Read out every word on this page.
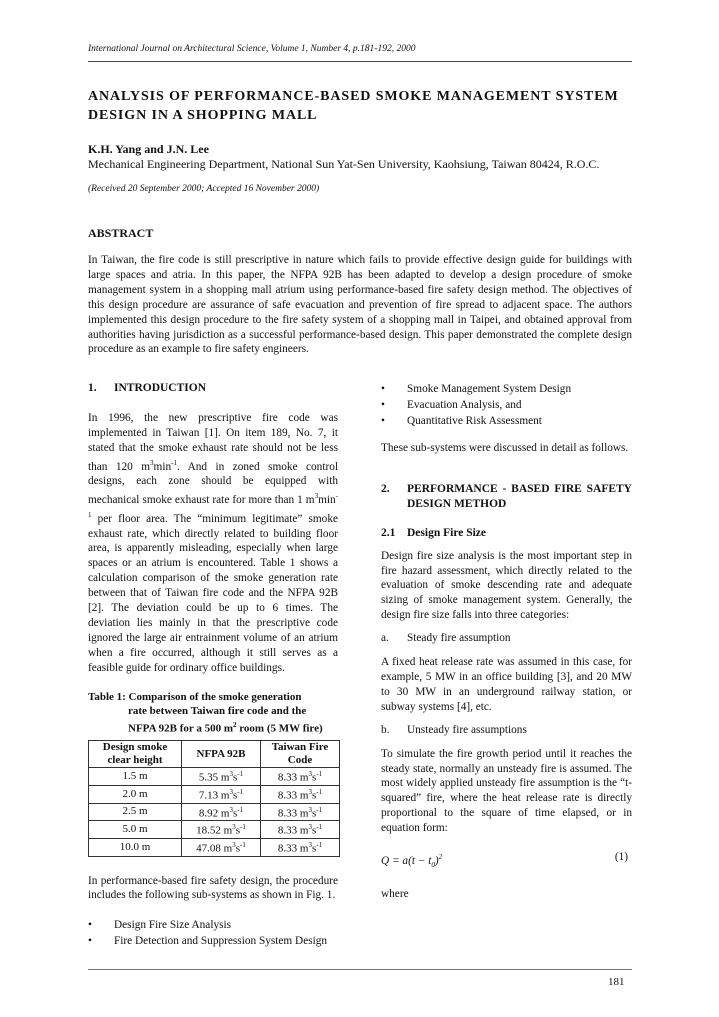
International Journal on Architectural Science, Volume 1, Number 4, p.181-192, 2000
ANALYSIS OF PERFORMANCE-BASED SMOKE MANAGEMENT SYSTEM DESIGN IN A SHOPPING MALL
K.H. Yang and J.N. Lee
Mechanical Engineering Department, National Sun Yat-Sen University, Kaohsiung, Taiwan 80424, R.O.C.
(Received 20 September 2000; Accepted 16 November 2000)
ABSTRACT
In Taiwan, the fire code is still prescriptive in nature which fails to provide effective design guide for buildings with large spaces and atria. In this paper, the NFPA 92B has been adapted to develop a design procedure of smoke management system in a shopping mall atrium using performance-based fire safety design method. The objectives of this design procedure are assurance of safe evacuation and prevention of fire spread to adjacent space. The authors implemented this design procedure to the fire safety system of a shopping mall in Taipei, and obtained approval from authorities having jurisdiction as a successful performance-based design. This paper demonstrated the complete design procedure as an example to fire safety engineers.
1.	INTRODUCTION

In 1996, the new prescriptive fire code was implemented in Taiwan [1]. On item 189, No. 7, it stated that the smoke exhaust rate should not be less than 120 $m^3\min^{-1}$. And in zoned smoke control designs, each zone should be equipped with mechanical smoke exhaust rate for more than 1 $m^3\min^{-1}$ per floor area. The “minimum legitimate” smoke exhaust rate, which directly related to building floor area, is apparently misleading, especially when large spaces or an atrium is encountered. Table 1 shows a calculation comparison of the smoke generation rate between that of Taiwan fire code and the NFPA 92B [2]. The deviation could be up to 6 times. The deviation lies mainly in that the prescriptive code ignored the large air entrainment volume of an atrium when a fire occurred, although it still serves as a feasible guide for ordinary office buildings.

Table 1: Comparison of the smoke generation
rate between Taiwan fire code and the
NFPA 92B for a 500 $m^2$ room (5 MW fire)
Design smoke clear height	NFPA 92B	Taiwan Fire Code
1.5 m	5.35 $m^3s^{-1}$	8.33 $m^3s^{-1}$
2.0 m	7.13 $m^3s^{-1}$	8.33 $m^3s^{-1}$
2.5 m	8.92 $m^3s^{-1}$	8.33 $m^3s^{-1}$
5.0 m	18.52 $m^3s^{-1}$	8.33 $m^3s^{-1}$
10.0 m	47.08 $m^3s^{-1}$	8.33 $m^3s^{-1}$

In performance-based fire safety design, the procedure includes the following sub-systems as shown in Fig. 1.

•	Design Fire Size Analysis
•	Fire Detection and Suppression System Design
•	Smoke Management System Design
•	Evacuation Analysis, and
•	Quantitative Risk Assessment

These sub-systems were discussed in detail as follows.

2.	PERFORMANCE - BASED FIRE SAFETY DESIGN METHOD
2.1	Design Fire Size

Design fire size analysis is the most important step in fire hazard assessment, which directly related to the evaluation of smoke descending rate and adequate sizing of smoke management system. Generally, the design fire size falls into three categories:

a.	Steady fire assumption

A fixed heat release rate was assumed in this case, for example, 5 MW in an office building [3], and 20 MW to 30 MW in an underground railway station, or subway systems [4], etc.

b.	Unsteady fire assumptions

To simulate the fire growth period until it reaches the steady state, normally an unsteady fire is assumed. The most widely applied unsteady fire assumption is the “t-squared” fire, where the heat release rate is directly proportional to the square of time elapsed, or in equation form:

$Q = a(t - t_0)^2$	(1)

where

181
